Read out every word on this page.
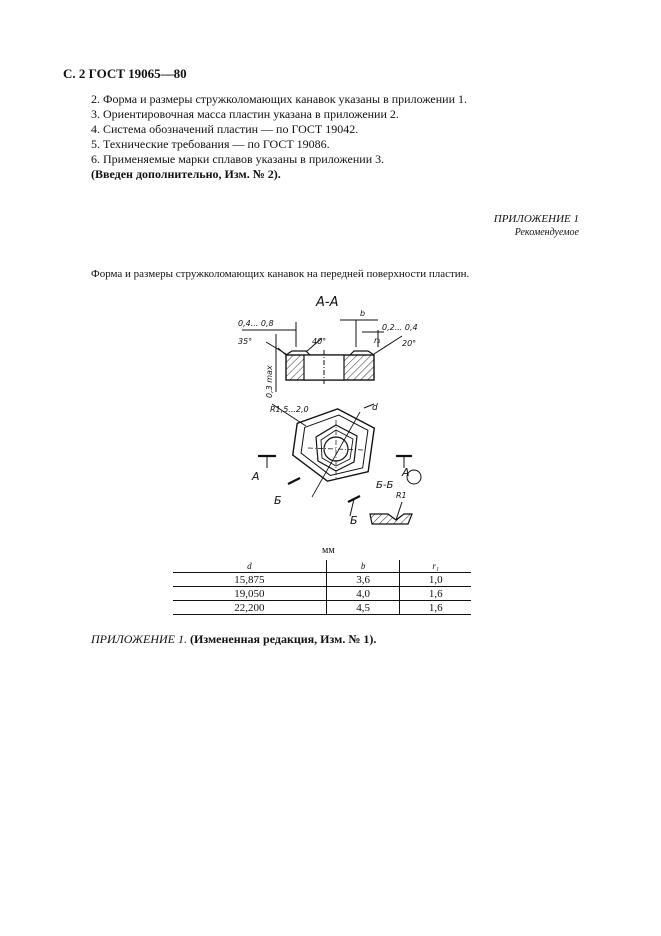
С. 2 ГОСТ 19065—80
2. Форма и размеры стружколомающих канавок указаны в приложении 1.
3. Ориентировочная масса пластин указана в приложении 2.
4. Система обозначений пластин — по ГОСТ 19042.
5. Технические требования — по ГОСТ 19086.
6. Применяемые марки сплавов указаны в приложении 3.
(Введен дополнительно, Изм. № 2).
ПРИЛОЖЕНИЕ 1
Рекомендуемое
Форма и размеры стружколомающих канавок на передней поверхности пластин.
А-А
0,4... 0,8
b
0,2... 0,4
r₁
35°	40°	20°
0,3 max
R1,5...2,0	d
А	А
Б
Б
Б-Б
R1
мм
d	b	r₁
15,875	3,6	1,0
19,050	4,0	1,6
22,200	4,5	1,6
ПРИЛОЖЕНИЕ 1. (Измененная редакция, Изм. № 1).
